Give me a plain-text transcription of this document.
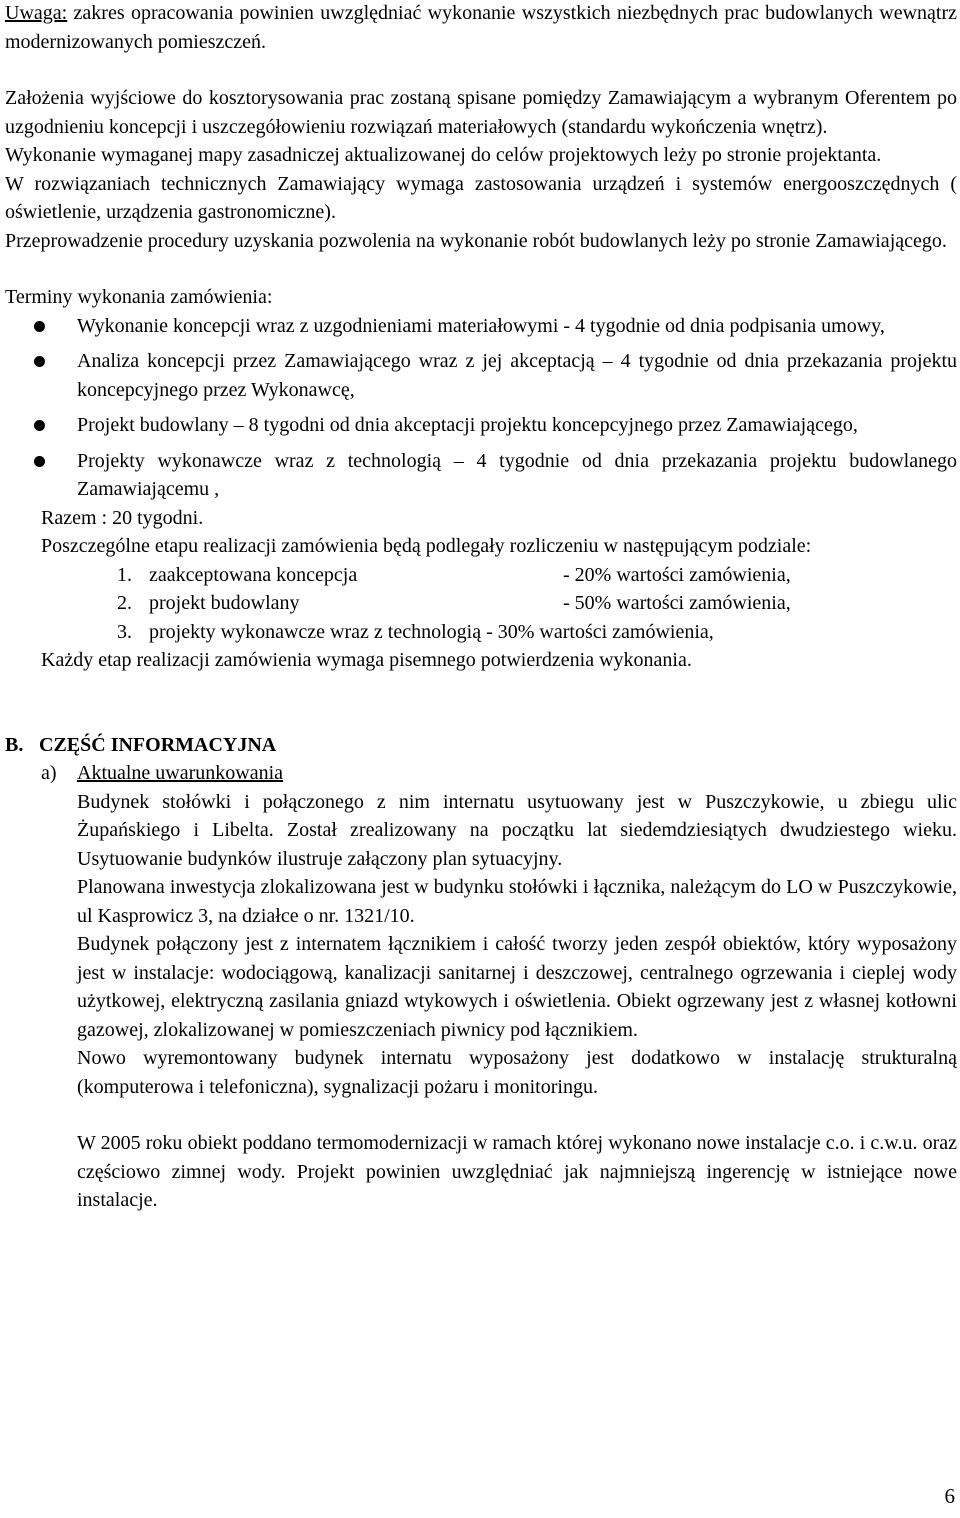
Uwaga: zakres opracowania powinien uwzględniać wykonanie wszystkich niezbędnych prac budowlanych wewnątrz modernizowanych pomieszczeń.

Założenia wyjściowe do kosztorysowania prac zostaną spisane pomiędzy Zamawiającym a wybranym Oferentem po uzgodnieniu koncepcji i uszczegółowieniu rozwiązań materiałowych (standardu wykończenia wnętrz).

Wykonanie wymaganej mapy zasadniczej aktualizowanej do celów projektowych leży po stronie projektanta.

W rozwiązaniach technicznych Zamawiający wymaga zastosowania urządzeń i systemów energooszczędnych ( oświetlenie, urządzenia gastronomiczne).

Przeprowadzenie procedury uzyskania pozwolenia na wykonanie robót budowlanych leży po stronie Zamawiającego.

Terminy wykonania zamówienia:

Wykonanie koncepcji wraz z uzgodnieniami materiałowymi - 4 tygodnie od dnia podpisania umowy,
Analiza koncepcji przez Zamawiającego wraz z jej akceptacją – 4 tygodnie od dnia przekazania projektu koncepcyjnego przez Wykonawcę,
Projekt budowlany – 8 tygodni od dnia akceptacji projektu koncepcyjnego przez Zamawiającego,
Projekty wykonawcze wraz z technologią – 4 tygodnie od dnia przekazania projektu budowlanego Zamawiającemu ,

Razem : 20 tygodni.

Poszczególne etapu realizacji zamówienia będą podlegały rozliczeniu w następującym podziale:

1. zaakceptowana koncepcja	- 20% wartości zamówienia,
2. projekt budowlany	- 50% wartości zamówienia,
3. projekty wykonawcze wraz z technologią - 30% wartości zamówienia,

Każdy etap realizacji zamówienia wymaga pisemnego potwierdzenia wykonania.

B. CZĘŚĆ INFORMACYJNA

a) Aktualne uwarunkowania

Budynek stołówki i połączonego z nim internatu usytuowany jest w Puszczykowie, u zbiegu ulic Żupańskiego i Libelta. Został zrealizowany na początku lat siedemdziesiątych dwudziestego wieku. Usytuowanie budynków ilustruje załączony plan sytuacyjny.

Planowana inwestycja zlokalizowana jest w budynku stołówki i łącznika, należącym do LO w Puszczykowie, ul Kasprowicz 3, na działce o nr. 1321/10.

Budynek połączony jest z internatem łącznikiem i całość tworzy jeden zespół obiektów, który wyposażony jest w instalacje: wodociągową, kanalizacji sanitarnej i deszczowej, centralnego ogrzewania i cieplej wody użytkowej, elektryczną zasilania gniazd wtykowych i oświetlenia. Obiekt ogrzewany jest z własnej kotłowni gazowej, zlokalizowanej w pomieszczeniach piwnicy pod łącznikiem.

Nowo wyremontowany budynek internatu wyposażony jest dodatkowo w instalację strukturalną (komputerowa i telefoniczna), sygnalizacji pożaru i monitoringu.

W 2005 roku obiekt poddano termomodernizacji w ramach której wykonano nowe instalacje c.o. i c.w.u. oraz częściowo zimnej wody. Projekt powinien uwzględniać jak najmniejszą ingerencję w istniejące nowe instalacje.

6
